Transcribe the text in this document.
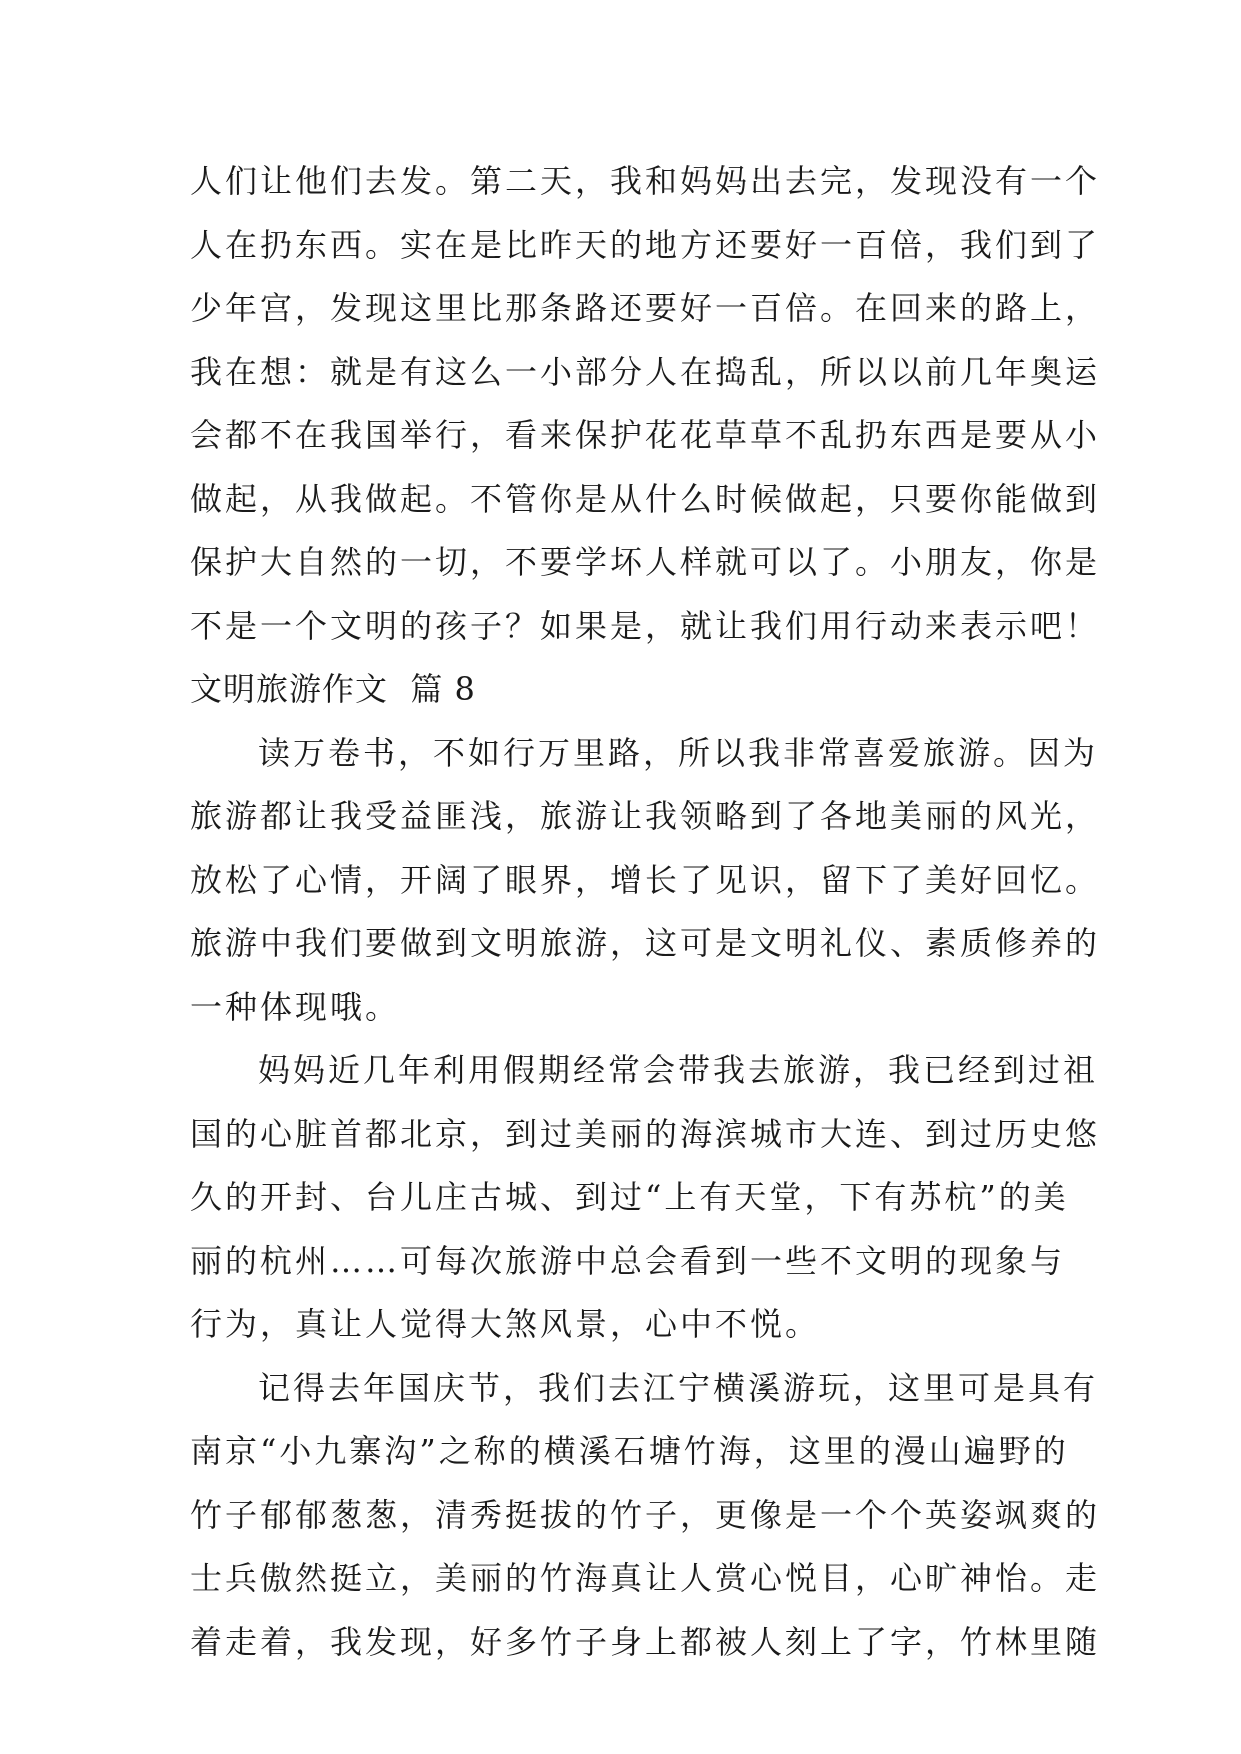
人们让他们去发。第二天，我和妈妈出去完，发现没有一个
人在扔东西。实在是比昨天的地方还要好一百倍，我们到了
少年宫，发现这里比那条路还要好一百倍。在回来的路上，
我在想：就是有这么一小部分人在捣乱，所以以前几年奥运
会都不在我国举行，看来保护花花草草不乱扔东西是要从小
做起，从我做起。不管你是从什么时候做起，只要你能做到
保护大自然的一切，不要学坏人样就可以了。小朋友，你是
不是一个文明的孩子？如果是，就让我们用行动来表示吧！
文明旅游作文  篇 8
读万卷书，不如行万里路，所以我非常喜爱旅游。因为
旅游都让我受益匪浅，旅游让我领略到了各地美丽的风光，
放松了心情，开阔了眼界，增长了见识，留下了美好回忆。
旅游中我们要做到文明旅游，这可是文明礼仪、素质修养的
一种体现哦。
妈妈近几年利用假期经常会带我去旅游，我已经到过祖
国的心脏首都北京，到过美丽的海滨城市大连、到过历史悠
久的开封、台儿庄古城、到过“上有天堂，下有苏杭”的美
丽的杭州……可每次旅游中总会看到一些不文明的现象与
行为，真让人觉得大煞风景，心中不悦。
记得去年国庆节，我们去江宁横溪游玩，这里可是具有
南京“小九寨沟”之称的横溪石塘竹海，这里的漫山遍野的
竹子郁郁葱葱，清秀挺拔的竹子，更像是一个个英姿飒爽的
士兵傲然挺立，美丽的竹海真让人赏心悦目，心旷神怡。走
着走着，我发现，好多竹子身上都被人刻上了字，竹林里随
